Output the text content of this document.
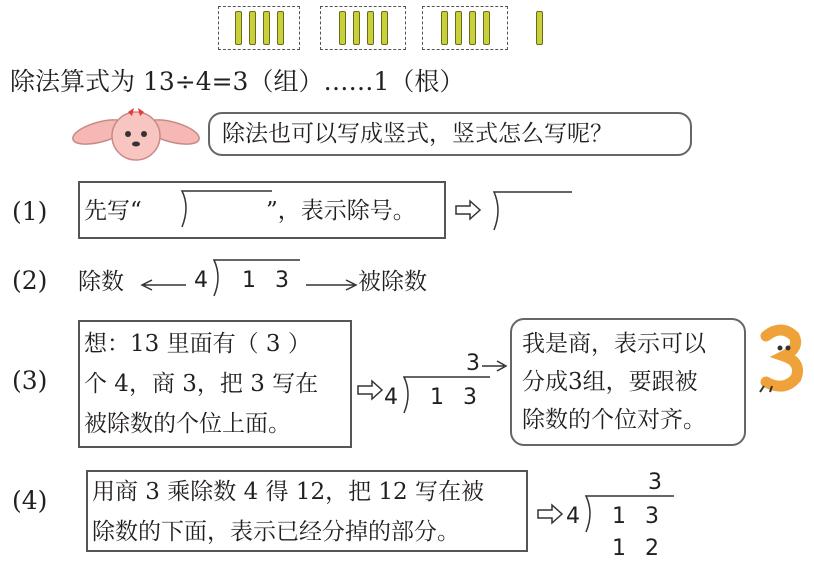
除法算式为 13÷4=3（组）……1（根）
除法也可以写成竖式，竖式怎么写呢？
(1) 先写“	”，表示除号。
(2) 除数	4 1 3	被除数
(3)
想：13 里面有（ 3 ）
个 4，商 3，把 3 写在
被除数的个位上面。
4 1 3
3
我是商，表示可以
分成3组，要跟被
除数的个位对齐。
(4) 用商 3 乘除数 4 得 12，把 12 写在被
除数的下面，表示已经分掉的部分。
4 1 3
3
1 2
